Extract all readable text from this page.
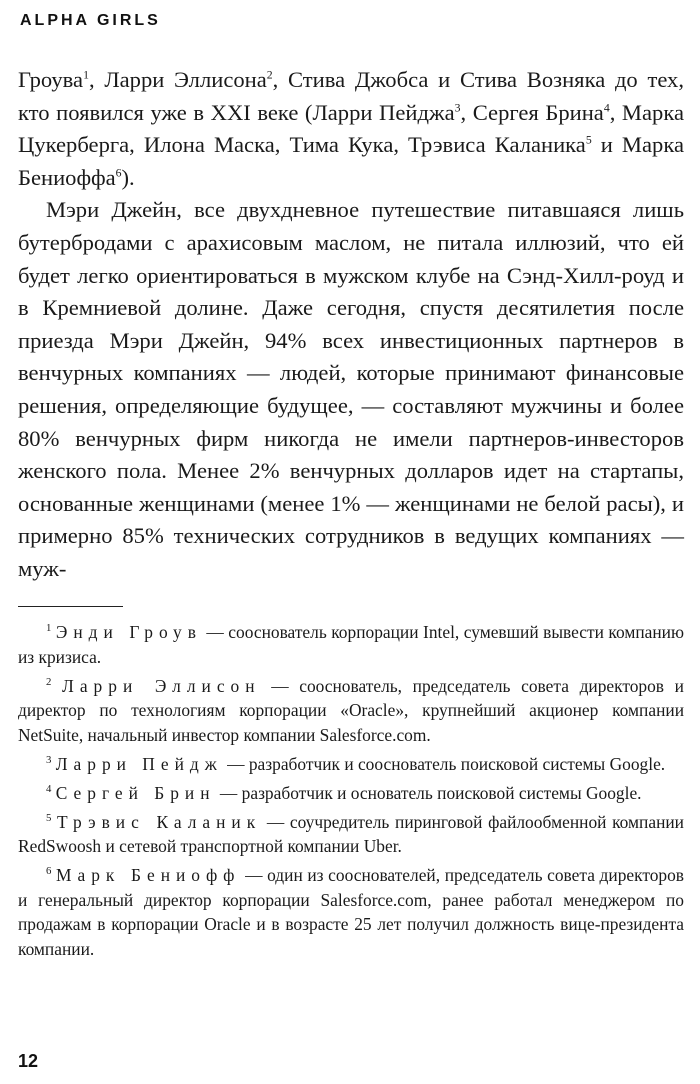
ALPHA GIRLS

Гроува$^1$, Ларри Эллисона$^2$, Стива Джобса и Стива Возняка до тех, кто появился уже в XXI веке (Ларри Пейджа$^3$, Сергея Брина$^4$, Марка Цукерберга, Илона Маска, Тима Кука, Трэвиса Каланика$^5$ и Марка Бениоффа$^6$).

Мэри Джейн, все двухдневное путешествие питавшаяся лишь бутербродами с арахисовым маслом, не питала иллюзий, что ей будет легко ориентироваться в мужском клубе на Сэнд-Хилл-роуд и в Кремниевой долине. Даже сегодня, спустя десятилетия после приезда Мэри Джейн, 94% всех инвестиционных партнеров в венчурных компаниях — людей, которые принимают финансовые решения, определяющие будущее, — составляют мужчины и более 80% венчурных фирм никогда не имели партнеров-инвесторов женского пола. Менее 2% венчурных долларов идет на стартапы, основанные женщинами (менее 1% — женщинами не белой расы), и примерно 85% технических сотрудников в ведущих компаниях — муж-

$^1$ Энди Гроув — сооснователь корпорации Intel, сумевший вывести компанию из кризиса.

$^2$ Ларри Эллисон — сооснователь, председатель совета директоров и директор по технологиям корпорации «Oracle», крупнейший акционер компании NetSuite, начальный инвестор компании Salesforce.com.

$^3$ Ларри Пейдж — разработчик и сооснователь поисковой системы Google.

$^4$ Сергей Брин — разработчик и основатель поисковой системы Google.

$^5$ Трэвис Каланик — соучредитель пиринговой файлообменной компании RedSwoosh и сетевой транспортной компании Uber.

$^6$ Марк Бениофф — один из сооснователей, председатель совета директоров и генеральный директор корпорации Salesforce.com, ранее работал менеджером по продажам в корпорации Oracle и в возрасте 25 лет получил должность вице-президента компании.

12
